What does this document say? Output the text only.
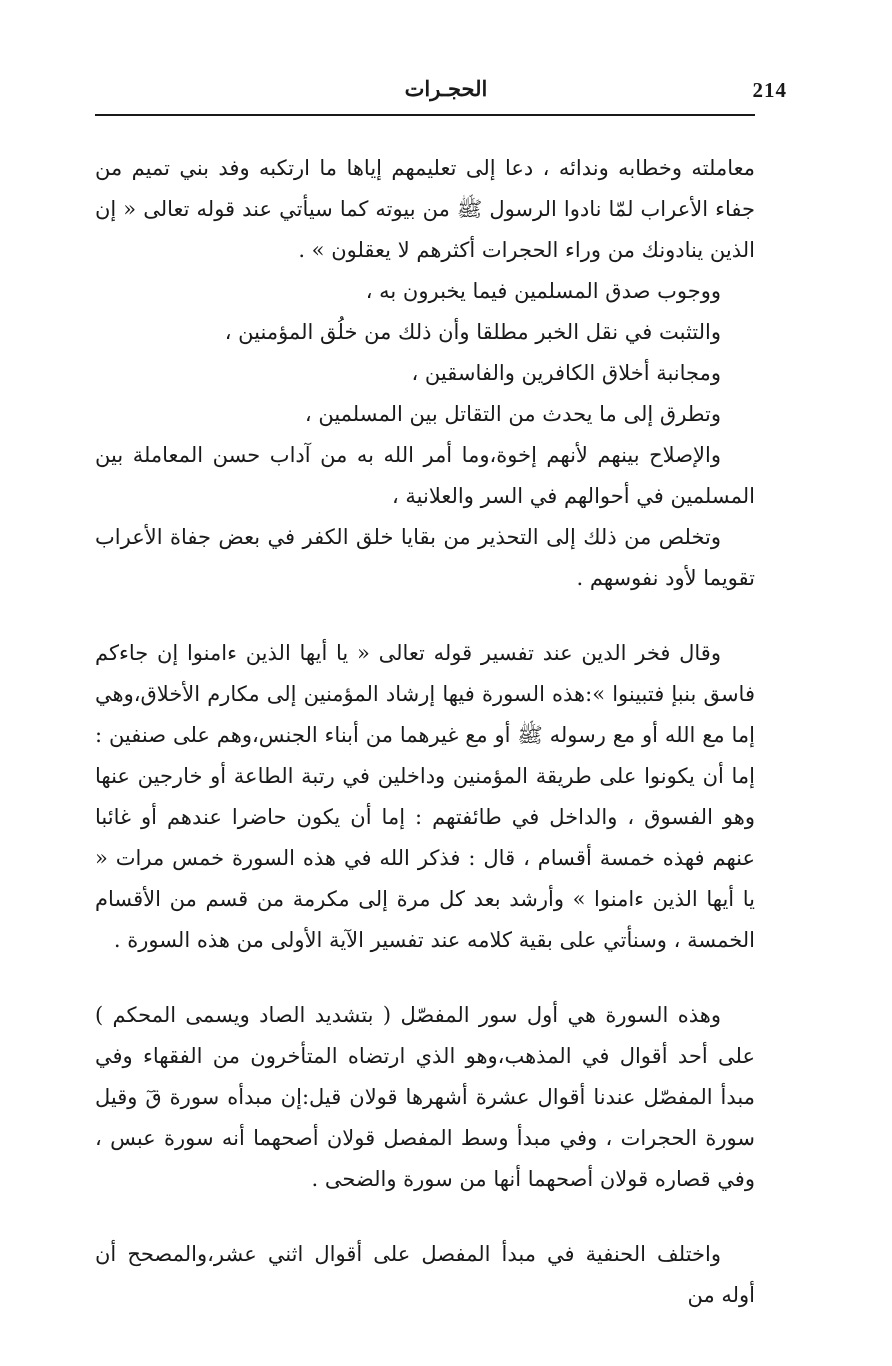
214
الحجـرات

معاملته وخطابه وندائه ، دعا إلى تعليمهم إياها ما ارتكبه وفد بني تميم من جفاء الأعراب لمّا نادوا الرسول ﷺ من بيوته كما سيأتي عند قوله تعالى « إن الذين ينادونك من وراء الحجرات أكثرهم لا يعقلون » .

ووجوب صدق المسلمين فيما يخبرون به ،

والتثبت في نقل الخبر مطلقا وأن ذلك من خلُق المؤمنين ،

ومجانبة أخلاق الكافرين والفاسقين ،

وتطرق إلى ما يحدث من التقاتل بين المسلمين ،

والإصلاح بينهم لأنهم إخوة،وما أمر الله به من آداب حسن المعاملة بين المسلمين في أحوالهم في السر والعلانية ،

وتخلص من ذلك إلى التحذير من بقايا خلق الكفر في بعض جفاة الأعراب تقويما لأود نفوسهم .

وقال فخر الدين عند تفسير قوله تعالى « يا أيها الذين ءامنوا إن جاءكم فاسق بنبإ فتبينوا »:هذه السورة فيها إرشاد المؤمنين إلى مكارم الأخلاق،وهي إما مع الله أو مع رسوله ﷺ أو مع غيرهما من أبناء الجنس،وهم على صنفين : إما أن يكونوا على طريقة المؤمنين وداخلين في رتبة الطاعة أو خارجين عنها وهو الفسوق ، والداخل في طائفتهم : إما أن يكون حاضرا عندهم أو غائبا عنهم فهذه خمسة أقسام ، قال : فذكر الله في هذه السورة خمس مرات « يا أيها الذين ءامنوا » وأرشد بعد كل مرة إلى مكرمة من قسم من الأقسام الخمسة ، وسنأتي على بقية كلامه عند تفسير الآية الأولى من هذه السورة .

وهذه السورة هي أول سور المفصّل ( بتشديد الصاد ويسمى المحكم ) على أحد أقوال في المذهب،وهو الذي ارتضاه المتأخرون من الفقهاء وفي مبدأ المفصّل عندنا أقوال عشرة أشهرها قولان قيل:إن مبدأه سورة قٓ وقيل سورة الحجرات ، وفي مبدأ وسط المفصل قولان أصحهما أنه سورة عبس ، وفي قصاره قولان أصحهما أنها من سورة والضحى .

واختلف الحنفية في مبدأ المفصل على أقوال اثني عشر،والمصحح أن أوله من
